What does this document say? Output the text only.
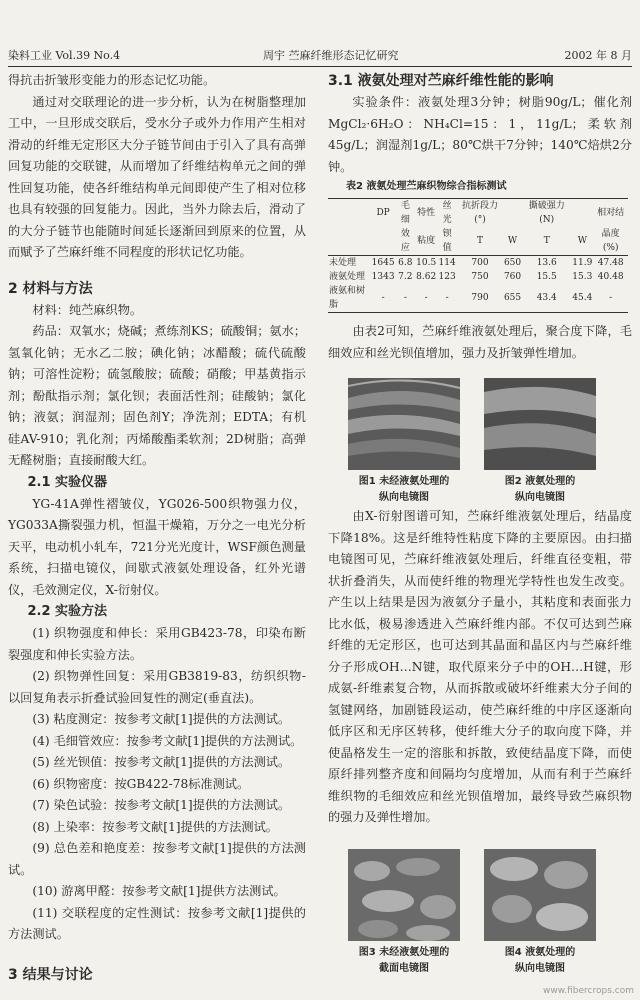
染料工业 Vol.39 No.4	周宇 苎麻纤维形态记忆研究	2002 年 8 月

得抗击折皱形变能力的形态记忆功能。

通过对交联理论的进一步分析，认为在树脂整理加工中，一旦形成交联后，受水分子或外力作用产生相对滑动的纤维无定形区大分子链节间由于引入了具有高弹回复功能的交联键，从而增加了纤维结构单元之间的弹性回复功能，使各纤维结构单元间即使产生了相对位移也具有较强的回复能力。因此，当外力除去后，滑动了的大分子链节也能随时间延长逐渐回到原来的位置，从而赋予了苎麻纤维不同程度的形状记忆功能。

2 材料与方法

材料：纯苎麻织物。

药品：双氧水；烧碱；煮练剂KS；硫酸铜；氨水；氢氧化钠；无水乙二胺；碘化钠；冰醋酸；硫代硫酸钠；可溶性淀粉；硫氢酸胺；硫酸；硝酸；甲基黄指示剂；酚酞指示剂；氯化钡；表面活性剂；硅酸钠；氯化钠；液氨；润湿剂；固色剂Y；净洗剂；EDTA；有机硅AV-910；乳化剂；丙烯酸酯柔软剂；2D树脂；高弹无醛树脂；直接耐酸大红。

2.1 实验仪器

YG-41A弹性褶皱仪，YG026-500织物强力仪，YG033A撕裂强力机，恒温干燥箱，万分之一电光分析天平，电动机小轧车，721分光光度计，WSF颜色测量系统，扫描电镜仪，间歇式液氨处理设备，红外光谱仪，毛效测定仪，X-衍射仪。

2.2 实验方法

(1) 织物强度和伸长：采用GB423-78，印染布断裂强度和伸长实验方法。

(2) 织物弹性回复：采用GB3819-83，纺织织物-以回复角表示折叠试验回复性的测定(垂直法)。

(3) 粘度测定：按参考文献[1]提供的方法测试。

(4) 毛细管效应：按参考文献[1]提供的方法测试。

(5) 丝光钡值：按参考文献[1]提供的方法测试。

(6) 织物密度：按GB422-78标准测试。

(7) 染色试验：按参考文献[1]提供的方法测试。

(8) 上染率：按参考文献[1]提供的方法测试。

(9) 总色差和艳度差：按参考文献[1]提供的方法测试。

(10) 游离甲醛：按参考文献[1]提供方法测试。

(11) 交联程度的定性测试：按参考文献[1]提供的方法测试。

3 结果与讨论
3.1 液氨处理对苎麻纤维性能的影响

实验条件：液氨处理3分钟；树脂90g/L；催化剂MgCl₂·6H₂O：NH₄Cl=15：1，11g/L；柔软剂45g/L；润湿剂1g/L；80℃烘干7分钟；140℃焙烘2分钟。

表2 液氨处理苎麻织物综合指标测试
	DP	毛细	特性	丝光	抗折段力(°)		撕破强力(N)		相对结
		效应	粘度	钡值	T	W	T	W	晶度(%)
未处理	1645	6.8	10.5	114	700	650	13.6	11.9	47.48
液氨处理	1343	7.2	8.62	123	750	760	15.5	15.3	40.48
液氨和树脂	-	-	-	-	790	655	43.4	45.4	-

由表2可知，苎麻纤维液氨处理后，聚合度下降，毛细效应和丝光钡值增加，强力及折皱弹性增加。

图1 未经液氨处理的
纵向电镜图
图2 液氨处理的
纵向电镜图

由X-衍射图谱可知，苎麻纤维液氨处理后，结晶度下降18%。这是纤维特性粘度下降的主要原因。由扫描电镜图可见，苎麻纤维液氨处理后，纤维直径变粗，带状折叠消失，从而使纤维的物理光学特性也发生改变。产生以上结果是因为液氨分子量小，其粘度和表面张力比水低，极易渗透进入苎麻纤维内部。不仅可达到苎麻纤维的无定形区，也可达到其晶面和晶区内与苎麻纤维分子形成OH…N键，取代原来分子中的OH…H键，形成氨-纤维素复合物，从而拆散或破坏纤维素大分子间的氢键网络，加剧链段运动，使苎麻纤维的中序区逐渐向低序区和无序区转移，使纤维大分子的取向度下降，并使晶格发生一定的溶胀和拆散，致使结晶度下降，而使原纤排列整齐度和间隔均匀度增加，从而有利于苎麻纤维织物的毛细效应和丝光钡值增加，最终导致苎麻织物的强力及弹性增加。

图3 未经液氨处理的
截面电镜图
图4 液氨处理的
纵向电镜图
www.fibercrops.com
